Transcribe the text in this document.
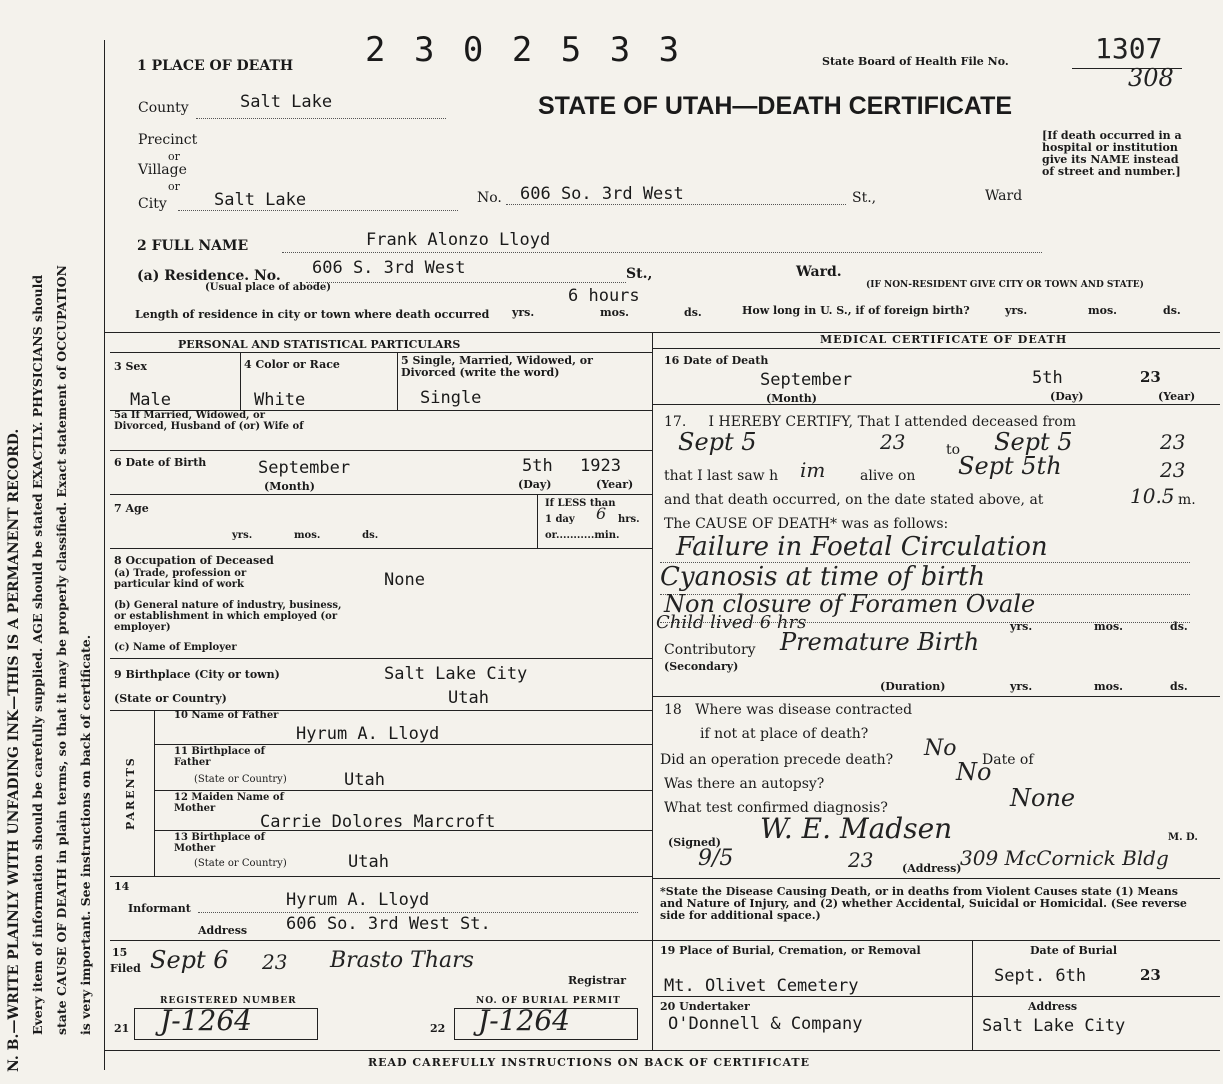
N. B.—WRITE PLAINLY WITH UNFADING INK—THIS IS A PERMANENT RECORD. Every item of information should be carefully supplied. AGE should be stated EXACTLY. PHYSICIANS should state CAUSE OF DEATH in plain terms, so that it may be properly classified. Exact statement of OCCUPATION is very important. See instructions on back of certificate.
2 3 0 2 5 3 3
1 PLACE OF DEATH	State Board of Health File No.	1307
308
STATE OF UTAH—DEATH CERTIFICATE
County	Salt Lake
Precinct
or
Village
or
City	Salt Lake	No. 606 So. 3rd West	St.,	Ward
[If death occurred in a hospital or institution give its NAME instead of street and number.]
2 FULL NAME	Frank Alonzo Lloyd
(a) Residence. No. 606 S. 3rd West	St.,	Ward.
(Usual place of abode)	(IF NON-RESIDENT GIVE CITY OR TOWN AND STATE)
Length of residence in city or town where death occurred
6 hours
yrs.	mos.	ds.	How long in U. S., if of foreign birth?	yrs.	mos.	ds.
PERSONAL AND STATISTICAL PARTICULARS
3 Sex
Male
4 Color or Race
White
5 Single, Married, Widowed, or Divorced (write the word)
Single
5a If Married, Widowed, or Divorced, Husband of (or) Wife of
6 Date of Birth	September	5th 1923
(Month)	(Day)	(Year)
7 Age
yrs.            mos.            ds.
If LESS than
1 day 6 hrs.
or...........min.
8 Occupation of Deceased
(a) Trade, profession or particular kind of work	None
(b) General nature of industry, business, or establishment in which employed (or employer)
(c) Name of Employer
9 Birthplace (City or town)	Salt Lake City
(State or Country)	Utah
PARENTS
10 Name of Father
Hyrum A. Lloyd
11 Birthplace of Father
(State or Country)	Utah
12 Maiden Name of Mother
Carrie Dolores Marcroft
13 Birthplace of Mother
(State or Country)	Utah
14
Informant	Hyrum A. Lloyd
Address 606 So. 3rd West St.
15
Filed Sept 6 23 Brasto Thars
Registrar
REGISTERED NUMBER	NO. OF BURIAL PERMIT
21 J-1264	22 J-1264
MEDICAL CERTIFICATE OF DEATH
16 Date of Death
September	5th	23
(Month)	(Day)	(Year)
17.     I HEREBY CERTIFY, That I attended deceased from
Sept 5	23	to Sept 5	23
that I last saw h im alive on Sept 5th	23
and that death occurred, on the date stated above, at	10.5 m.
The CAUSE OF DEATH* was as follows:
Failure in Foetal Circulation
Cyanosis at time of birth
Non closure of Foramen Ovale
Child lived 6 hrs	yrs.	mos.	ds.
Contributory Premature Birth
(Secondary)
(Duration)	yrs.	mos.	ds.
18   Where was disease contracted
if not at place of death?
Did an operation precede death? No Date of
Was there an autopsy?	No
What test confirmed diagnosis?	None
(Signed) W. E. Madsen	M. D.
9/5	23	(Address)
309 McCornick Bldg
*State the Disease Causing Death, or in deaths from Violent Causes state (1) Means and Nature of Injury, and (2) whether Accidental, Suicidal or Homicidal. (See reverse side for additional space.)
19 Place of Burial, Cremation, or Removal
Mt. Olivet Cemetery
Date of Burial
Sept. 6th	23
20 Undertaker
O'Donnell & Company
Address
Salt Lake City
READ CAREFULLY INSTRUCTIONS ON BACK OF CERTIFICATE
